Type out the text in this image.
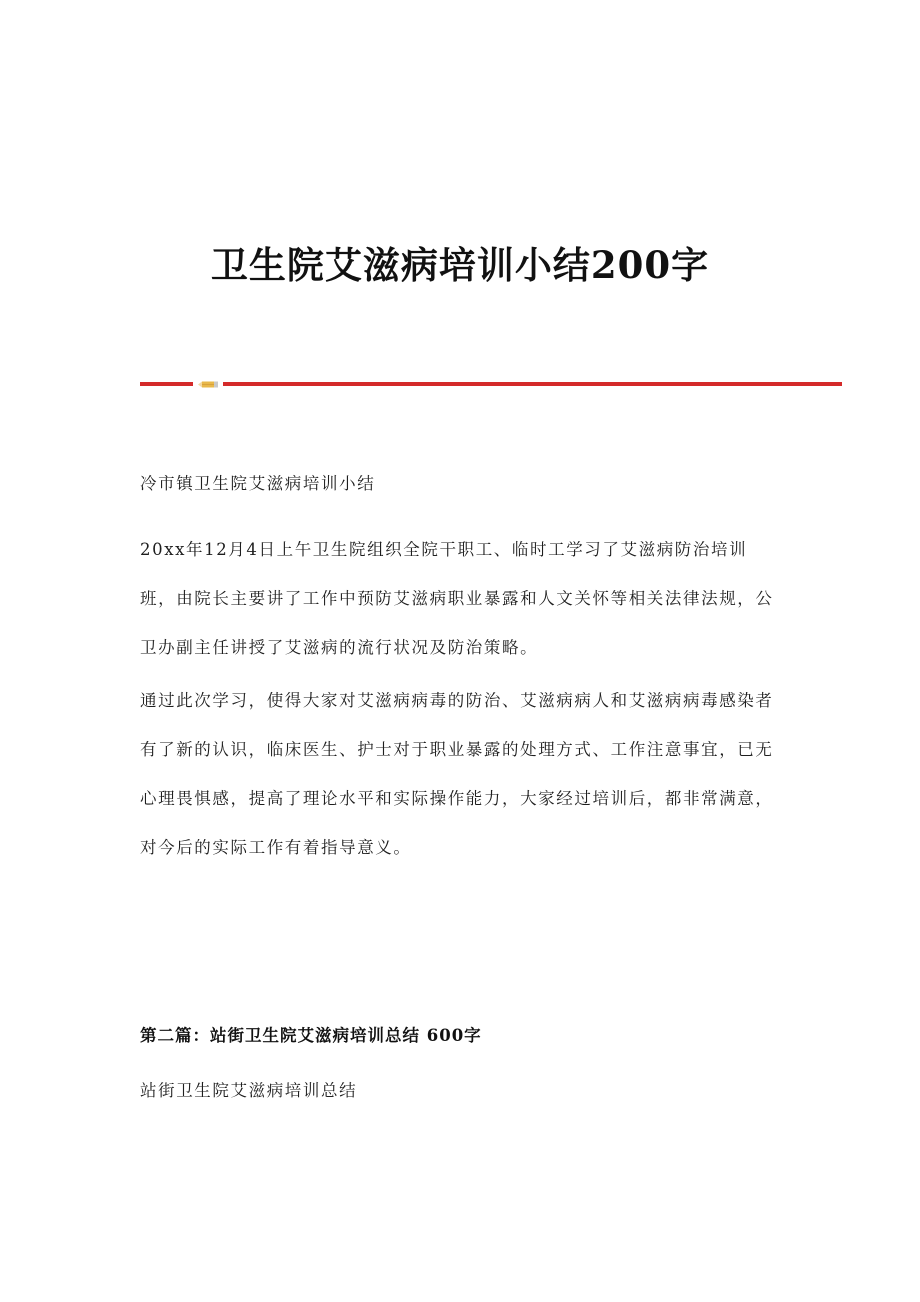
卫生院艾滋病培训小结200字

冷市镇卫生院艾滋病培训小结

20xx年12月4日上午卫生院组织全院干职工、临时工学习了艾滋病防治培训班，由院长主要讲了工作中预防艾滋病职业暴露和人文关怀等相关法律法规，公卫办副主任讲授了艾滋病的流行状况及防治策略。

通过此次学习，使得大家对艾滋病病毒的防治、艾滋病病人和艾滋病病毒感染者有了新的认识，临床医生、护士对于职业暴露的处理方式、工作注意事宜，已无心理畏惧感，提高了理论水平和实际操作能力，大家经过培训后，都非常满意，对今后的实际工作有着指导意义。

第二篇：站街卫生院艾滋病培训总结 600字

站街卫生院艾滋病培训总结
